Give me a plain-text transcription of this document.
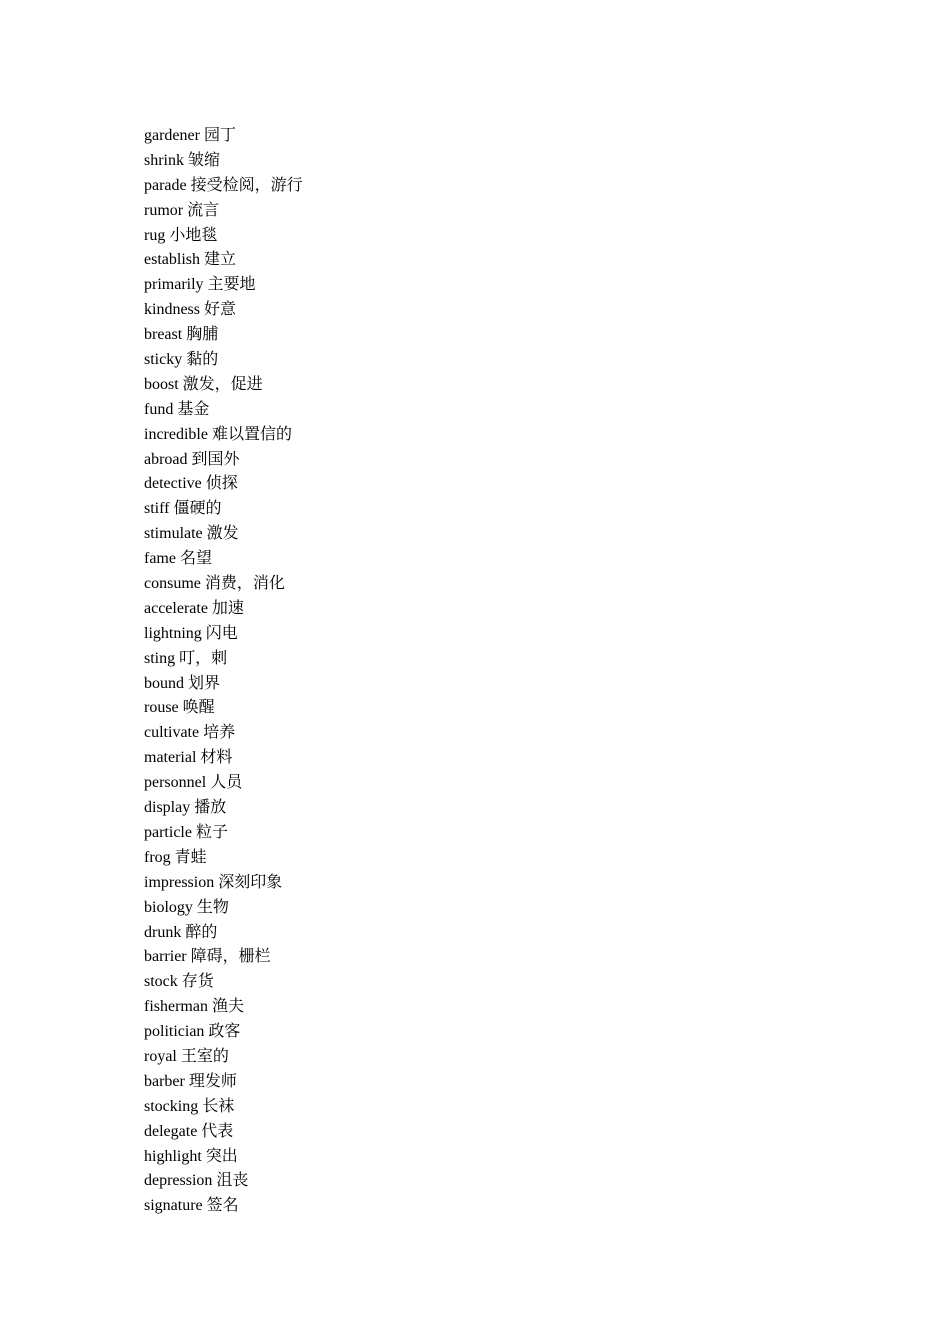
gardener 园丁
shrink 皱缩
parade 接受检阅，游行
rumor 流言
rug 小地毯
establish 建立
primarily 主要地
kindness 好意
breast 胸脯
sticky 黏的
boost 激发，促进
fund 基金
incredible 难以置信的
abroad 到国外
detective 侦探
stiff 僵硬的
stimulate 激发
fame 名望
consume 消费，消化
accelerate 加速
lightning 闪电
sting 叮，刺
bound 划界
rouse 唤醒
cultivate 培养
material 材料
personnel 人员
display 播放
particle 粒子
frog 青蛙
impression 深刻印象
biology 生物
drunk 醉的
barrier 障碍，栅栏
stock 存货
fisherman 渔夫
politician 政客
royal 王室的
barber 理发师
stocking 长袜
delegate 代表
highlight 突出
depression 沮丧
signature 签名
